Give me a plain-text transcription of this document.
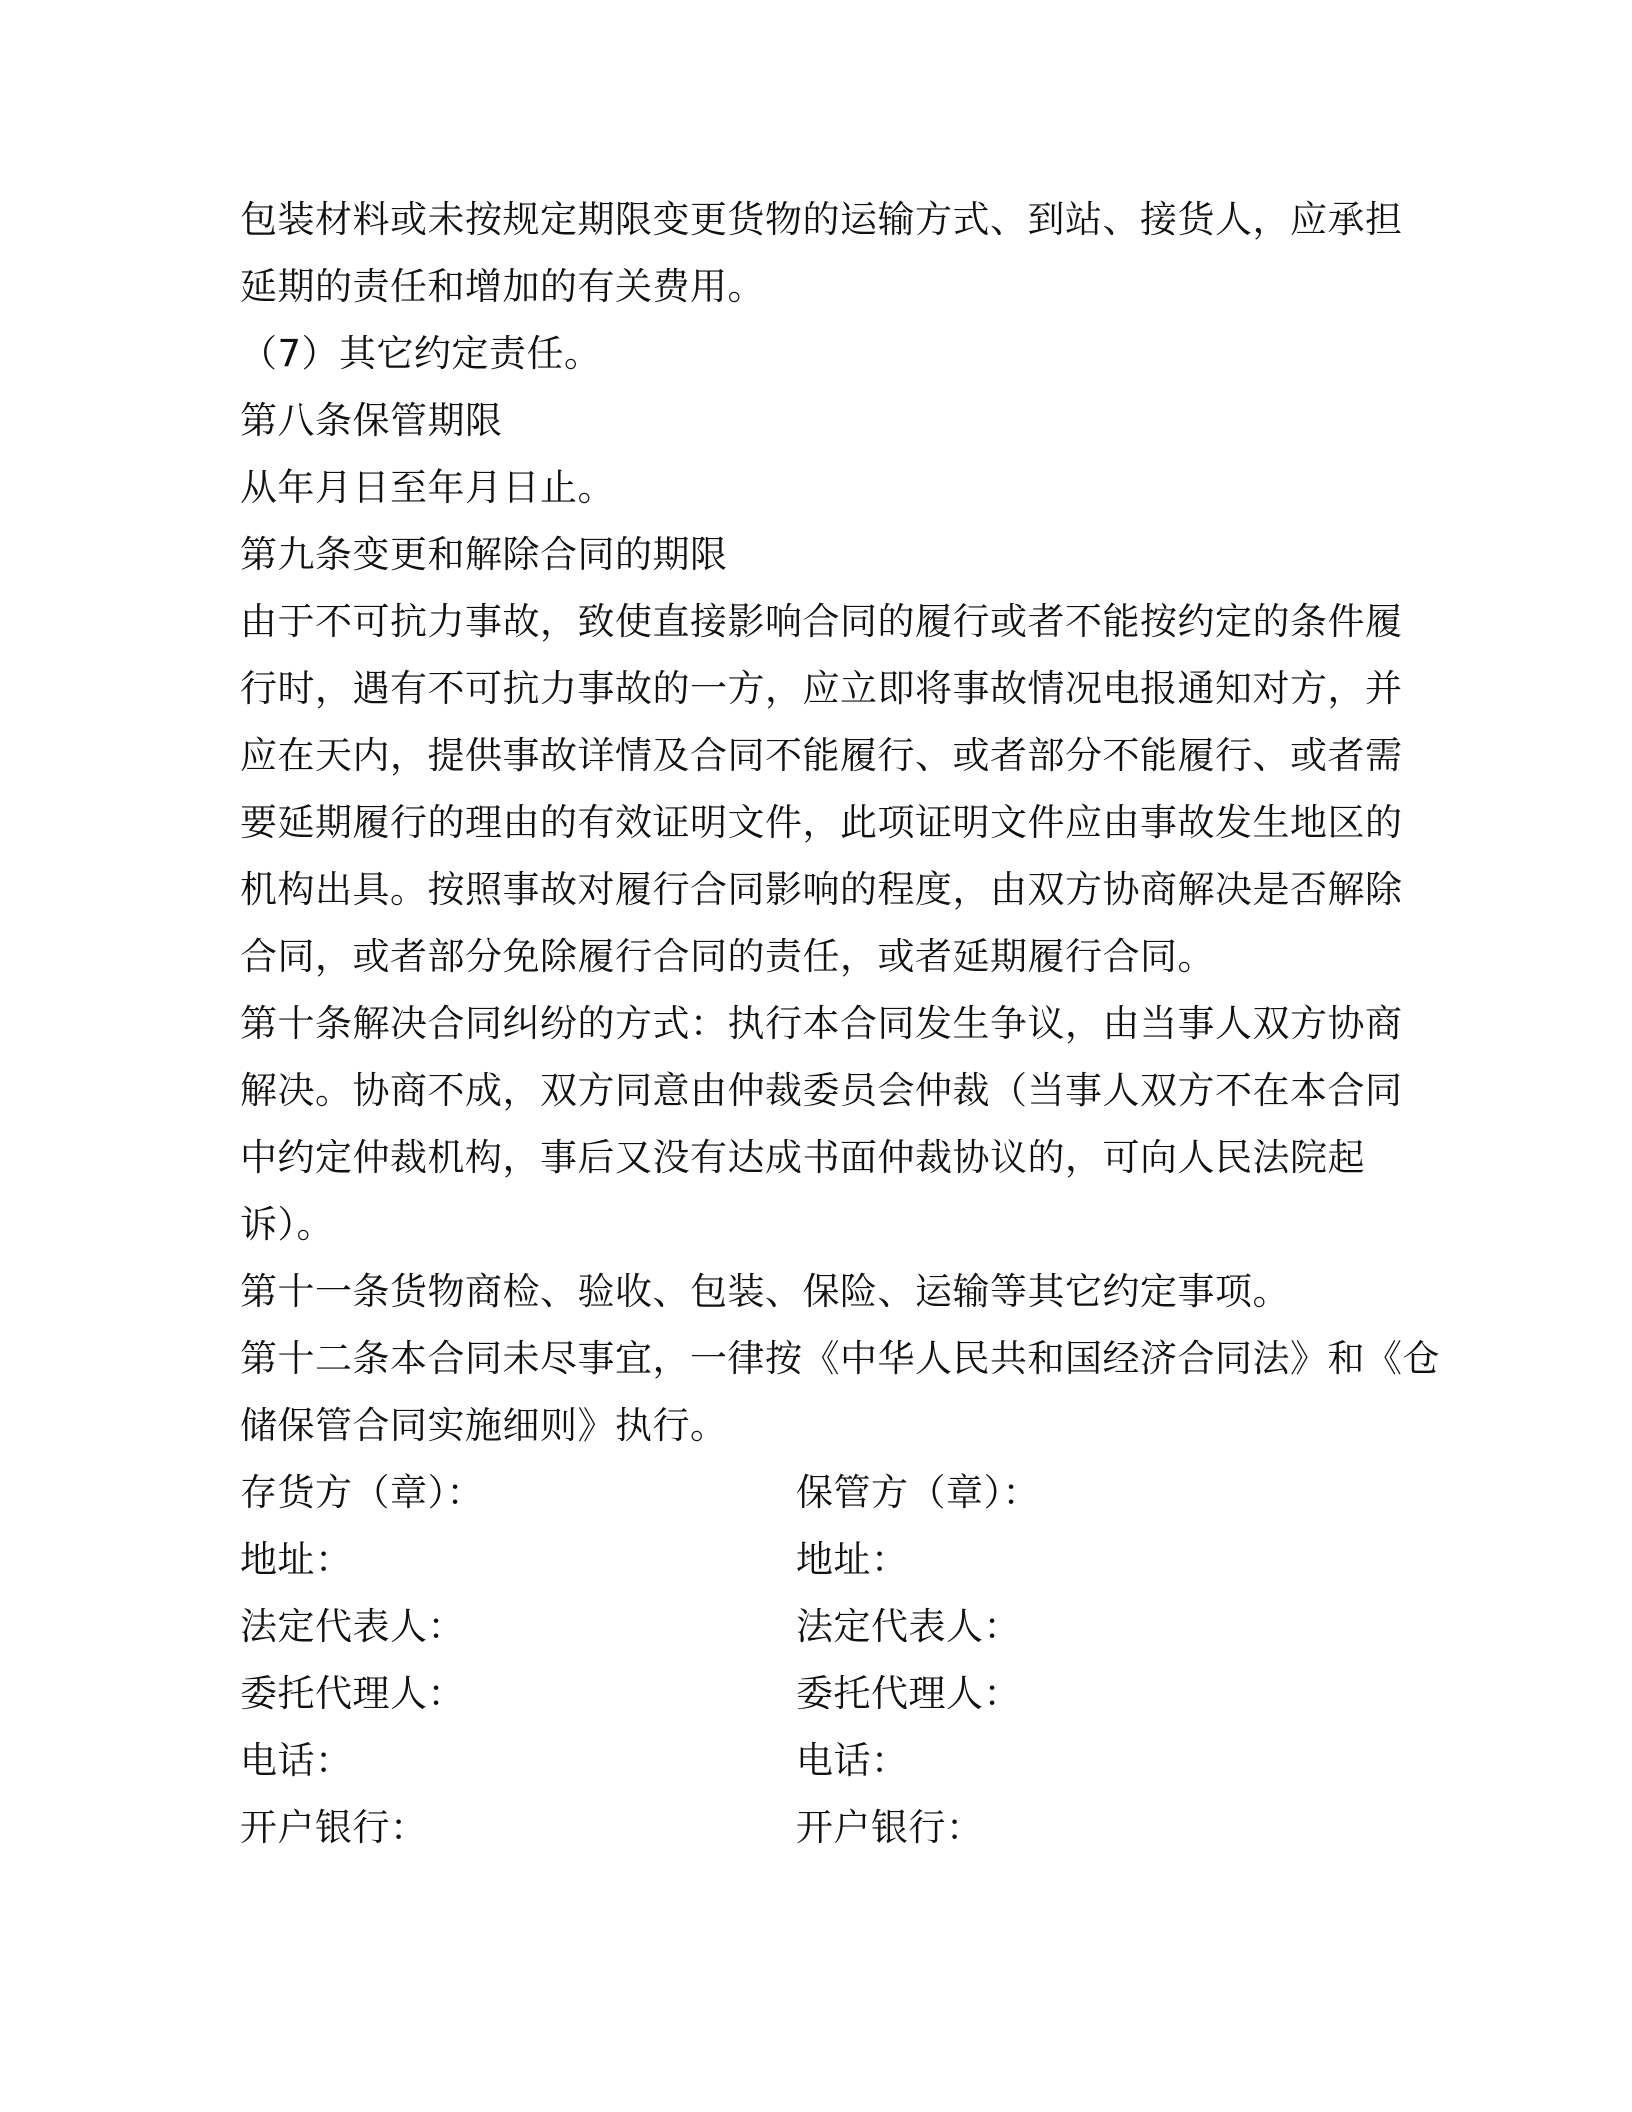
包装材料或未按规定期限变更货物的运输方式、到站、接货人，应承担
延期的责任和增加的有关费用。
（7）其它约定责任。
第八条保管期限
从年月日至年月日止。
第九条变更和解除合同的期限
由于不可抗力事故，致使直接影响合同的履行或者不能按约定的条件履
行时，遇有不可抗力事故的一方，应立即将事故情况电报通知对方，并
应在天内，提供事故详情及合同不能履行、或者部分不能履行、或者需
要延期履行的理由的有效证明文件，此项证明文件应由事故发生地区的
机构出具。按照事故对履行合同影响的程度，由双方协商解决是否解除
合同，或者部分免除履行合同的责任，或者延期履行合同。
第十条解决合同纠纷的方式：执行本合同发生争议，由当事人双方协商
解决。协商不成，双方同意由仲裁委员会仲裁（当事人双方不在本合同
中约定仲裁机构，事后又没有达成书面仲裁协议的，可向人民法院起
诉）。
第十一条货物商检、验收、包装、保险、运输等其它约定事项。
第十二条本合同未尽事宜，一律按《中华人民共和国经济合同法》和《仓
储保管合同实施细则》执行。
存货方（章）：	保管方（章）：
地址：	地址：
法定代表人：	法定代表人：
委托代理人：	委托代理人：
电话：	电话：
开户银行：	开户银行：
